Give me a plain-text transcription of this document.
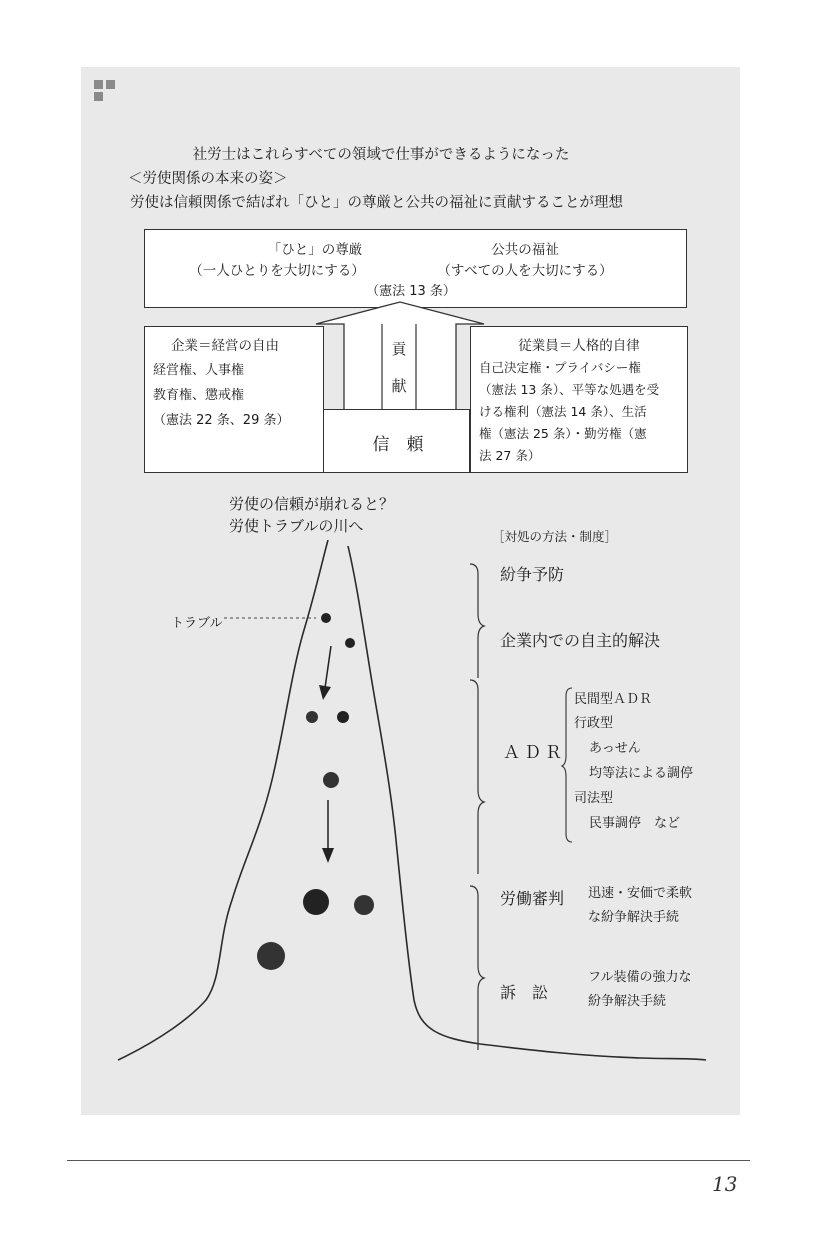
社労士はこれらすべての領域で仕事ができるようになった
＜労使関係の本来の姿＞
労使は信頼関係で結ばれ「ひと」の尊厳と公共の福祉に貢献することが理想
「ひと」の尊厳	公共の福祉
（一人ひとりを大切にする）	（すべての人を大切にする）
（憲法 13 条）
貢
献
企業＝経営の自由
経営権、人事権
教育権、懲戒権
（憲法 22 条、29 条）
信　頼
従業員＝人格的自律
自己決定権・プライバシー権
（憲法 13 条）、平等な処遇を受
ける権利（憲法 14 条）、生活
権（憲法 25 条）・勤労権（憲
法 27 条）
労使の信頼が崩れると？
労使トラブルの川へ
［対処の方法・制度］
トラブル
紛争予防
企業内での自主的解決
ＡＤＲ
民間型ＡＤＲ
行政型
あっせん
均等法による調停
司法型
民事調停　など
労働審判 迅速・安価で柔軟
な紛争解決手続
訴　訟
フル装備の強力な
紛争解決手続
13
